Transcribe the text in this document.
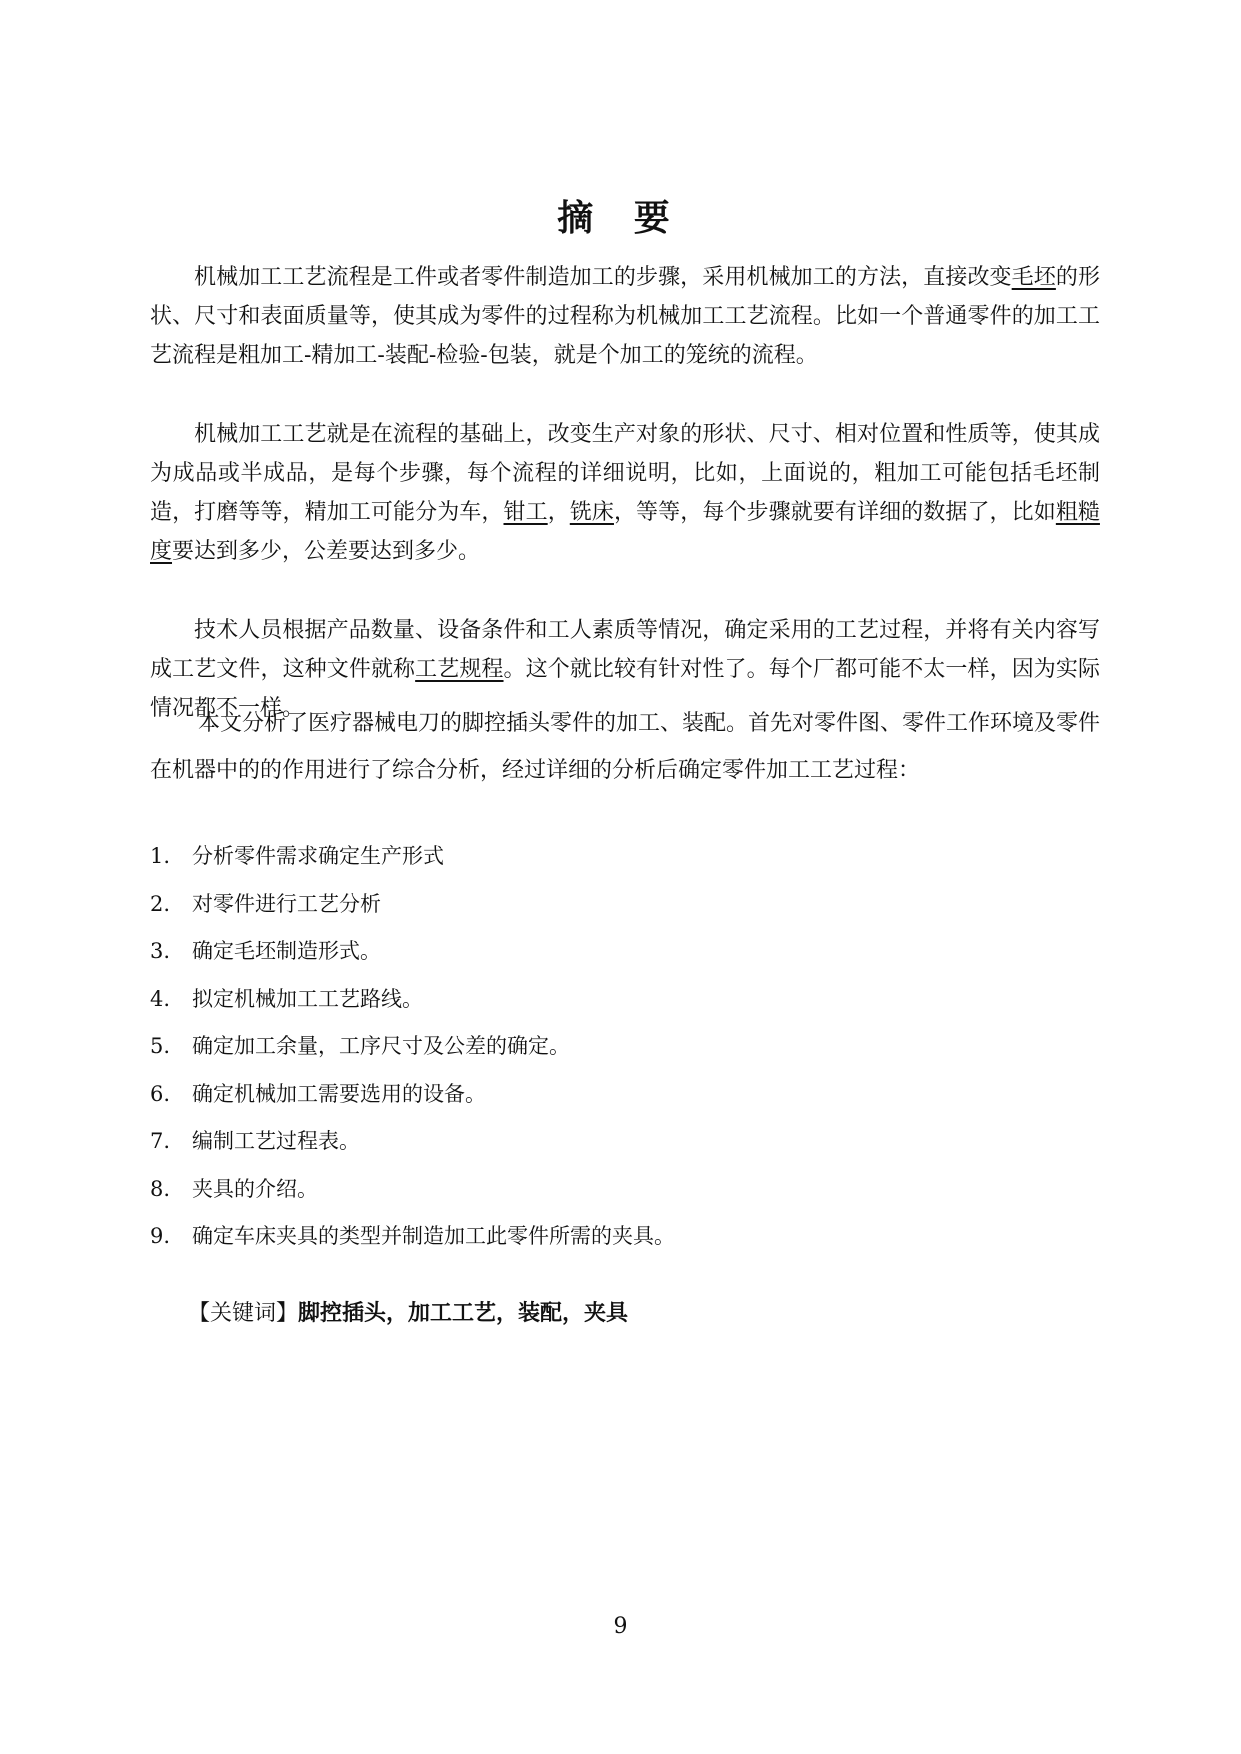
摘 要

机械加工工艺流程是工件或者零件制造加工的步骤，采用机械加工的方法，直接改变毛坯的形状、尺寸和表面质量等，使其成为零件的过程称为机械加工工艺流程。比如一个普通零件的加工工艺流程是粗加工-精加工-装配-检验-包装，就是个加工的笼统的流程。

机械加工工艺就是在流程的基础上，改变生产对象的形状、尺寸、相对位置和性质等，使其成为成品或半成品，是每个步骤，每个流程的详细说明，比如，上面说的，粗加工可能包括毛坯制造，打磨等等，精加工可能分为车，钳工，铣床，等等，每个步骤就要有详细的数据了，比如粗糙度要达到多少，公差要达到多少。

技术人员根据产品数量、设备条件和工人素质等情况，确定采用的工艺过程，并将有关内容写成工艺文件，这种文件就称工艺规程。这个就比较有针对性了。每个厂都可能不太一样，因为实际情况都不一样。

本文分析了医疗器械电刀的脚控插头零件的加工、装配。首先对零件图、零件工作环境及零件在机器中的的作用进行了综合分析，经过详细的分析后确定零件加工工艺过程：

1. 分析零件需求确定生产形式
2. 对零件进行工艺分析
3. 确定毛坯制造形式。
4. 拟定机械加工工艺路线。
5. 确定加工余量，工序尺寸及公差的确定。
6. 确定机械加工需要选用的设备。
7. 编制工艺过程表。
8. 夹具的介绍。
9. 确定车床夹具的类型并制造加工此零件所需的夹具。
【关键词】脚控插头，加工工艺，装配，夹具
9
